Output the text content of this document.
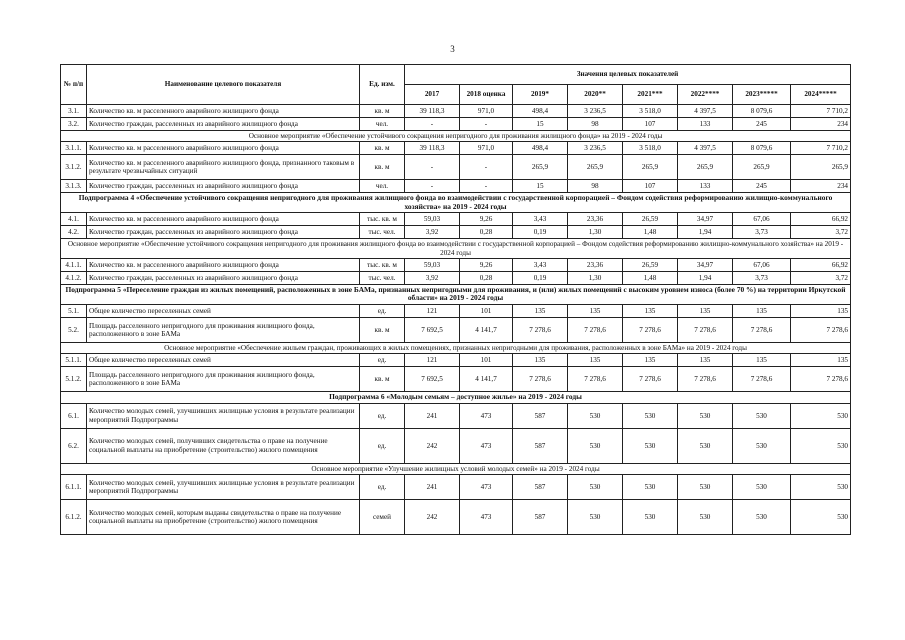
3
№ п/п	Наименование целевого показателя	Ед. изм.	Значения целевых показателей							
			2017	2018 оценка	2019*	2020**	2021***	2022****	2023*****	2024*****
3.1.	Количество кв. м расселенного аварийного жилищного фонда	кв. м	39 118,3	971,0	498,4	3 236,5	3 518,0	4 397,5	8 079,6	7 710,2
3.2.	Количество граждан, расселенных из аварийного жилищного фонда	чел.	-	-	15	98	107	133	245	234
Основное мероприятие «Обеспечение устойчивого сокращения непригодного для проживания жилищного фонда» на 2019 - 2024 годы										
3.1.1.	Количество кв. м расселенного аварийного жилищного фонда	кв. м	39 118,3	971,0	498,4	3 236,5	3 518,0	4 397,5	8 079,6	7 710,2
3.1.2.	Количество кв. м расселенного аварийного жилищного фонда, признанного таковым в результате чрезвычайных ситуаций	кв. м	-	-	265,9	265,9	265,9	265,9	265,9	265,9
3.1.3.	Количество граждан, расселенных из аварийного жилищного фонда	чел.	-	-	15	98	107	133	245	234
Подпрограмма 4 «Обеспечение устойчивого сокращения непригодного для проживания жилищного фонда во взаимодействии с государственной корпорацией – Фондом содействия реформированию жилищно-коммунального хозяйства» на 2019 - 2024 годы										
4.1.	Количество кв. м расселенного аварийного жилищного фонда	тыс. кв. м	59,03	9,26	3,43	23,36	26,59	34,97	67,06	66,92
4.2.	Количество граждан, расселенных из аварийного жилищного фонда	тыс. чел.	3,92	0,28	0,19	1,30	1,48	1,94	3,73	3,72
Основное мероприятие «Обеспечение устойчивого сокращения непригодного для проживания жилищного фонда во взаимодействии с государственной корпорацией – Фондом содействия реформированию жилищно-коммунального хозяйства» на 2019 - 2024 годы										
4.1.1.	Количество кв. м расселенного аварийного жилищного фонда	тыс. кв. м	59,03	9,26	3,43	23,36	26,59	34,97	67,06	66,92
4.1.2.	Количество граждан, расселенных из аварийного жилищного фонда	тыс. чел.	3,92	0,28	0,19	1,30	1,48	1,94	3,73	3,72
Подпрограмма 5 «Переселение граждан из жилых помещений, расположенных в зоне БАМа, признанных непригодными для проживания, и (или) жилых помещений с высоким уровнем износа (более 70 %) на территории Иркутской области» на 2019 - 2024 годы										
5.1.	Общее количество переселенных семей	ед.	121	101	135	135	135	135	135	135
5.2.	Площадь расселенного непригодного для проживания жилищного фонда, расположенного в зоне БАМа	кв. м	7 692,5	4 141,7	7 278,6	7 278,6	7 278,6	7 278,6	7 278,6	7 278,6
Основное мероприятие «Обеспечение жильем граждан, проживающих в жилых помещениях, признанных непригодными для проживания, расположенных в зоне БАМа» на 2019 - 2024 годы										
5.1.1.	Общее количество переселенных семей	ед.	121	101	135	135	135	135	135	135
5.1.2.	Площадь расселенного непригодного для проживания жилищного фонда, расположенного в зоне БАМа	кв. м	7 692,5	4 141,7	7 278,6	7 278,6	7 278,6	7 278,6	7 278,6	7 278,6
Подпрограмма 6 «Молодым семьям – доступное жилье» на 2019 - 2024 годы										
6.1.	Количество молодых семей, улучшивших жилищные условия в результате реализации мероприятий Подпрограммы	ед.	241	473	587	530	530	530	530	530
6.2.	Количество молодых семей, получивших свидетельства о праве на получение социальной выплаты на приобретение (строительство) жилого помещения	ед.	242	473	587	530	530	530	530	530
Основное мероприятие «Улучшение жилищных условий молодых семей» на 2019 - 2024 годы										
6.1.1.	Количество молодых семей, улучшивших жилищные условия в результате реализации мероприятий Подпрограммы	ед.	241	473	587	530	530	530	530	530
6.1.2.	Количество молодых семей, которым выданы свидетельства о праве на получение социальной выплаты на приобретение (строительство) жилого помещения	семей	242	473	587	530	530	530	530	530
